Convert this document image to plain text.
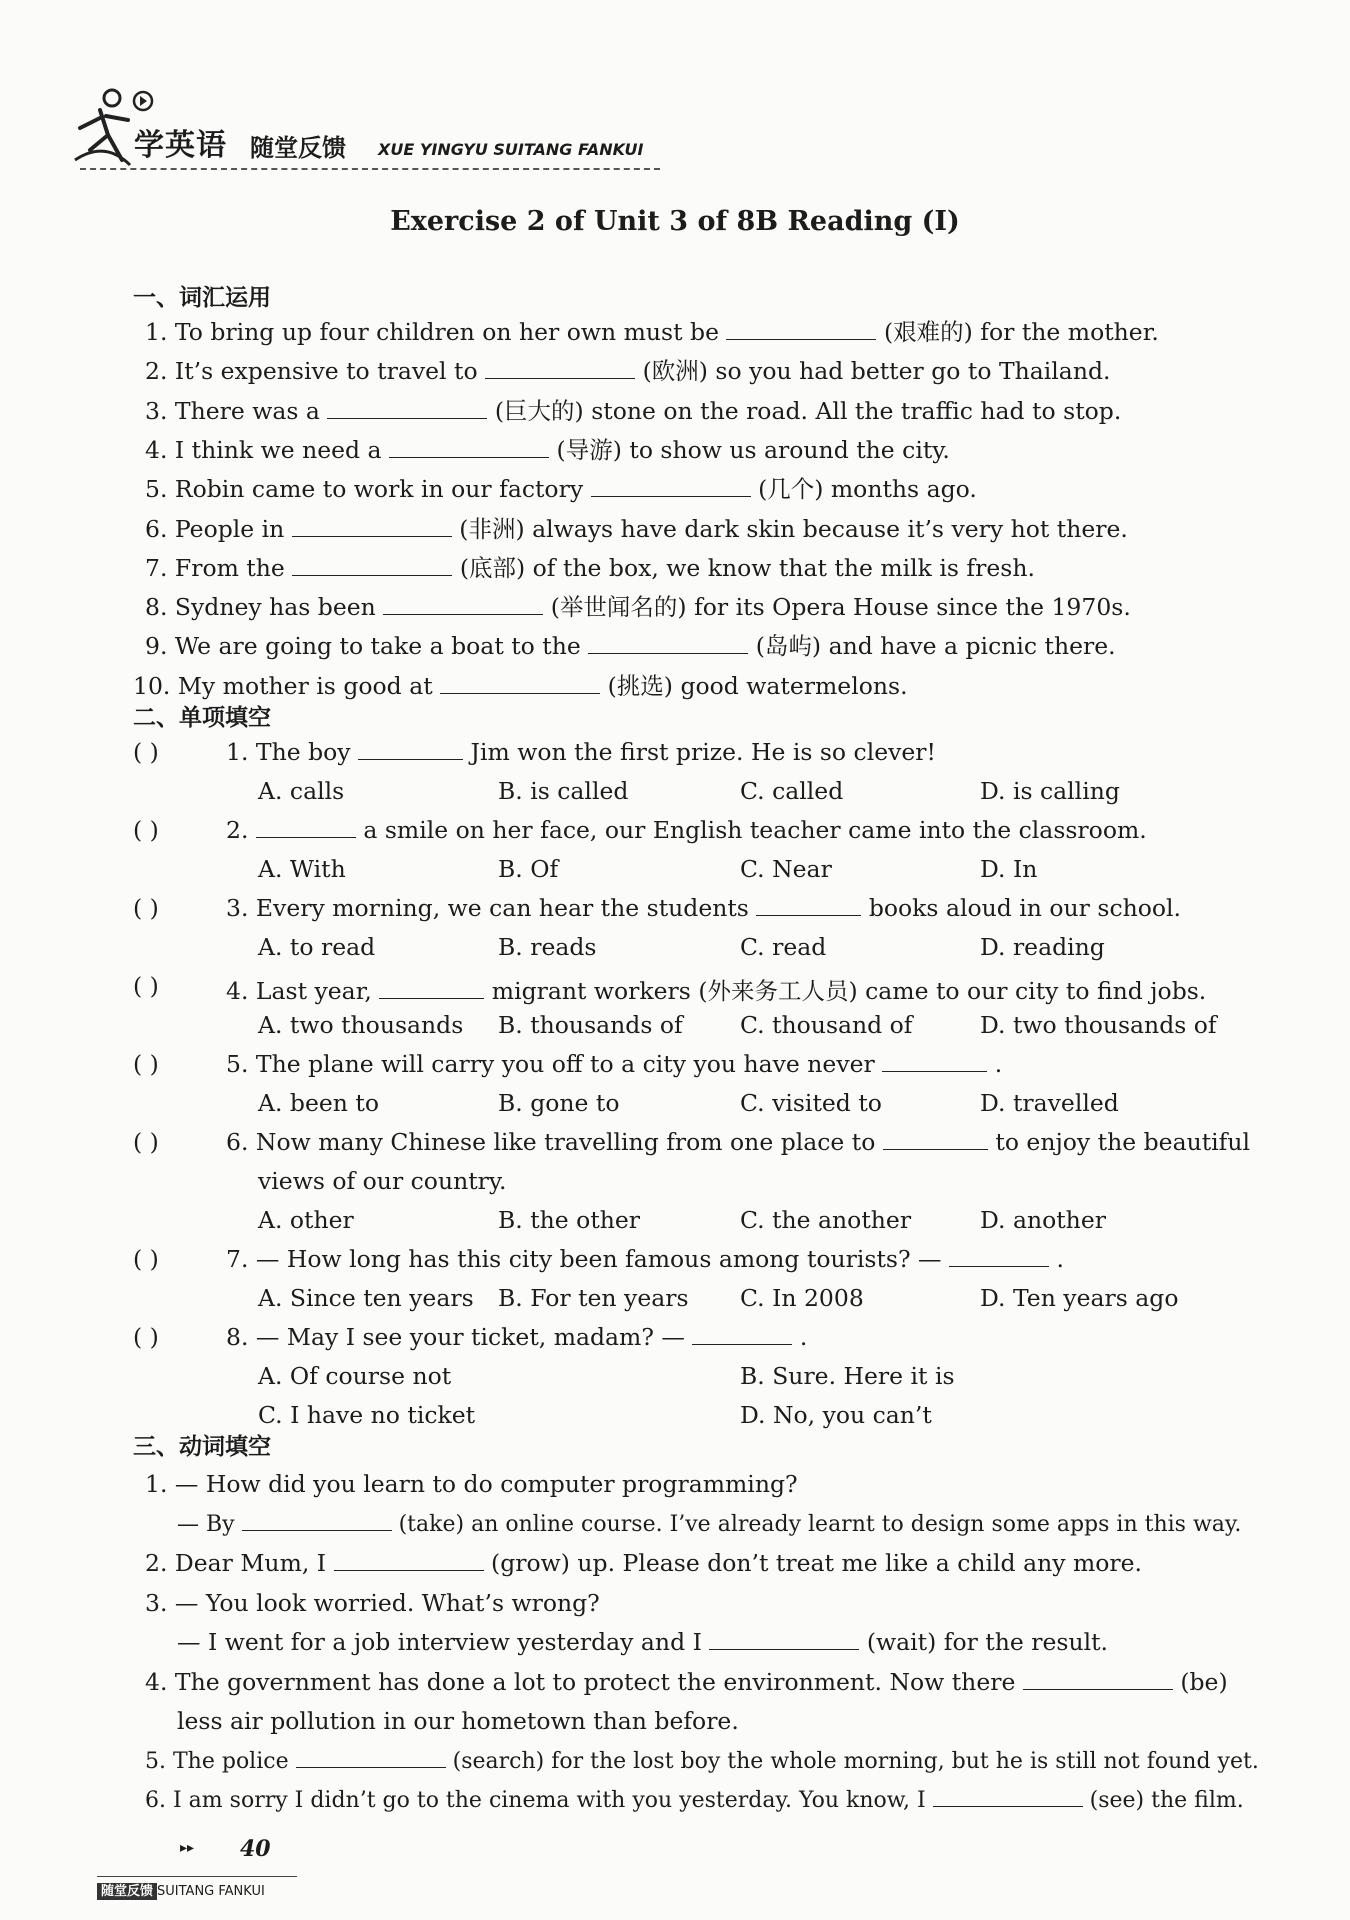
学英语 随堂反馈 XUE YINGYU SUITANG FANKUI
Exercise 2 of Unit 3 of 8B Reading (Ⅰ)
一、词汇运用
1. To bring up four children on her own must be	(艰难的) for the mother.
2. It’s expensive to travel to	(欧洲) so you had better go to Thailand.
3. There was a	(巨大的) stone on the road. All the traffic had to stop.
4. I think we need a	(导游) to show us around the city.
5. Robin came to work in our factory	(几个) months ago.
6. People in	(非洲) always have dark skin because it’s very hot there.
7. From the	(底部) of the box, we know that the milk is fresh.
8. Sydney has been	(举世闻名的) for its Opera House since the 1970s.
9. We are going to take a boat to the	(岛屿) and have a picnic there.
10. My mother is good at	(挑选) good watermelons.
二、单项填空
( )	1. The boy	Jim won the first prize. He is so clever!
A. calls	B. is called	C. called	D. is calling
( )	2.	a smile on her face, our English teacher came into the classroom.
A. With	B. Of	C. Near	D. In
( )	3. Every morning, we can hear the students	books aloud in our school.
A. to read	B. reads	C. read	D. reading
( )	4. Last year,	migrant workers (外来务工人员) came to our city to find jobs.
A. two thousands B. thousands of C. thousand of	D. two thousands of
( )	5. The plane will carry you off to a city you have never	.
A. been to	B. gone to	C. visited to	D. travelled
( )	6. Now many Chinese like travelling from one place to	to enjoy the beautiful
views of our country.
A. other	B. the other	C. the another	D. another
( )	7. — How long has this city been famous among tourists? —	.
A. Since ten years B. For ten years C. In 2008	D. Ten years ago
( )	8. — May I see your ticket, madam? —	.
A. Of course not	B. Sure. Here it is
C. I have no ticket	D. No, you can’t
三、动词填空
1. — How did you learn to do computer programming?
— By	(take) an online course. I’ve already learnt to design some apps in this way.
2. Dear Mum, I	(grow) up. Please don’t treat me like a child any more.
3. — You look worried. What’s wrong?
— I went for a job interview yesterday and I	(wait) for the result.
4. The government has done a lot to protect the environment. Now there	(be)
less air pollution in our hometown than before.
5. The police	(search) for the lost boy the whole morning, but he is still not found yet.
6. I am sorry I didn’t go to the cinema with you yesterday. You know, I	(see) the film.
▸▸ 40
随堂反馈 SUITANG FANKUI
